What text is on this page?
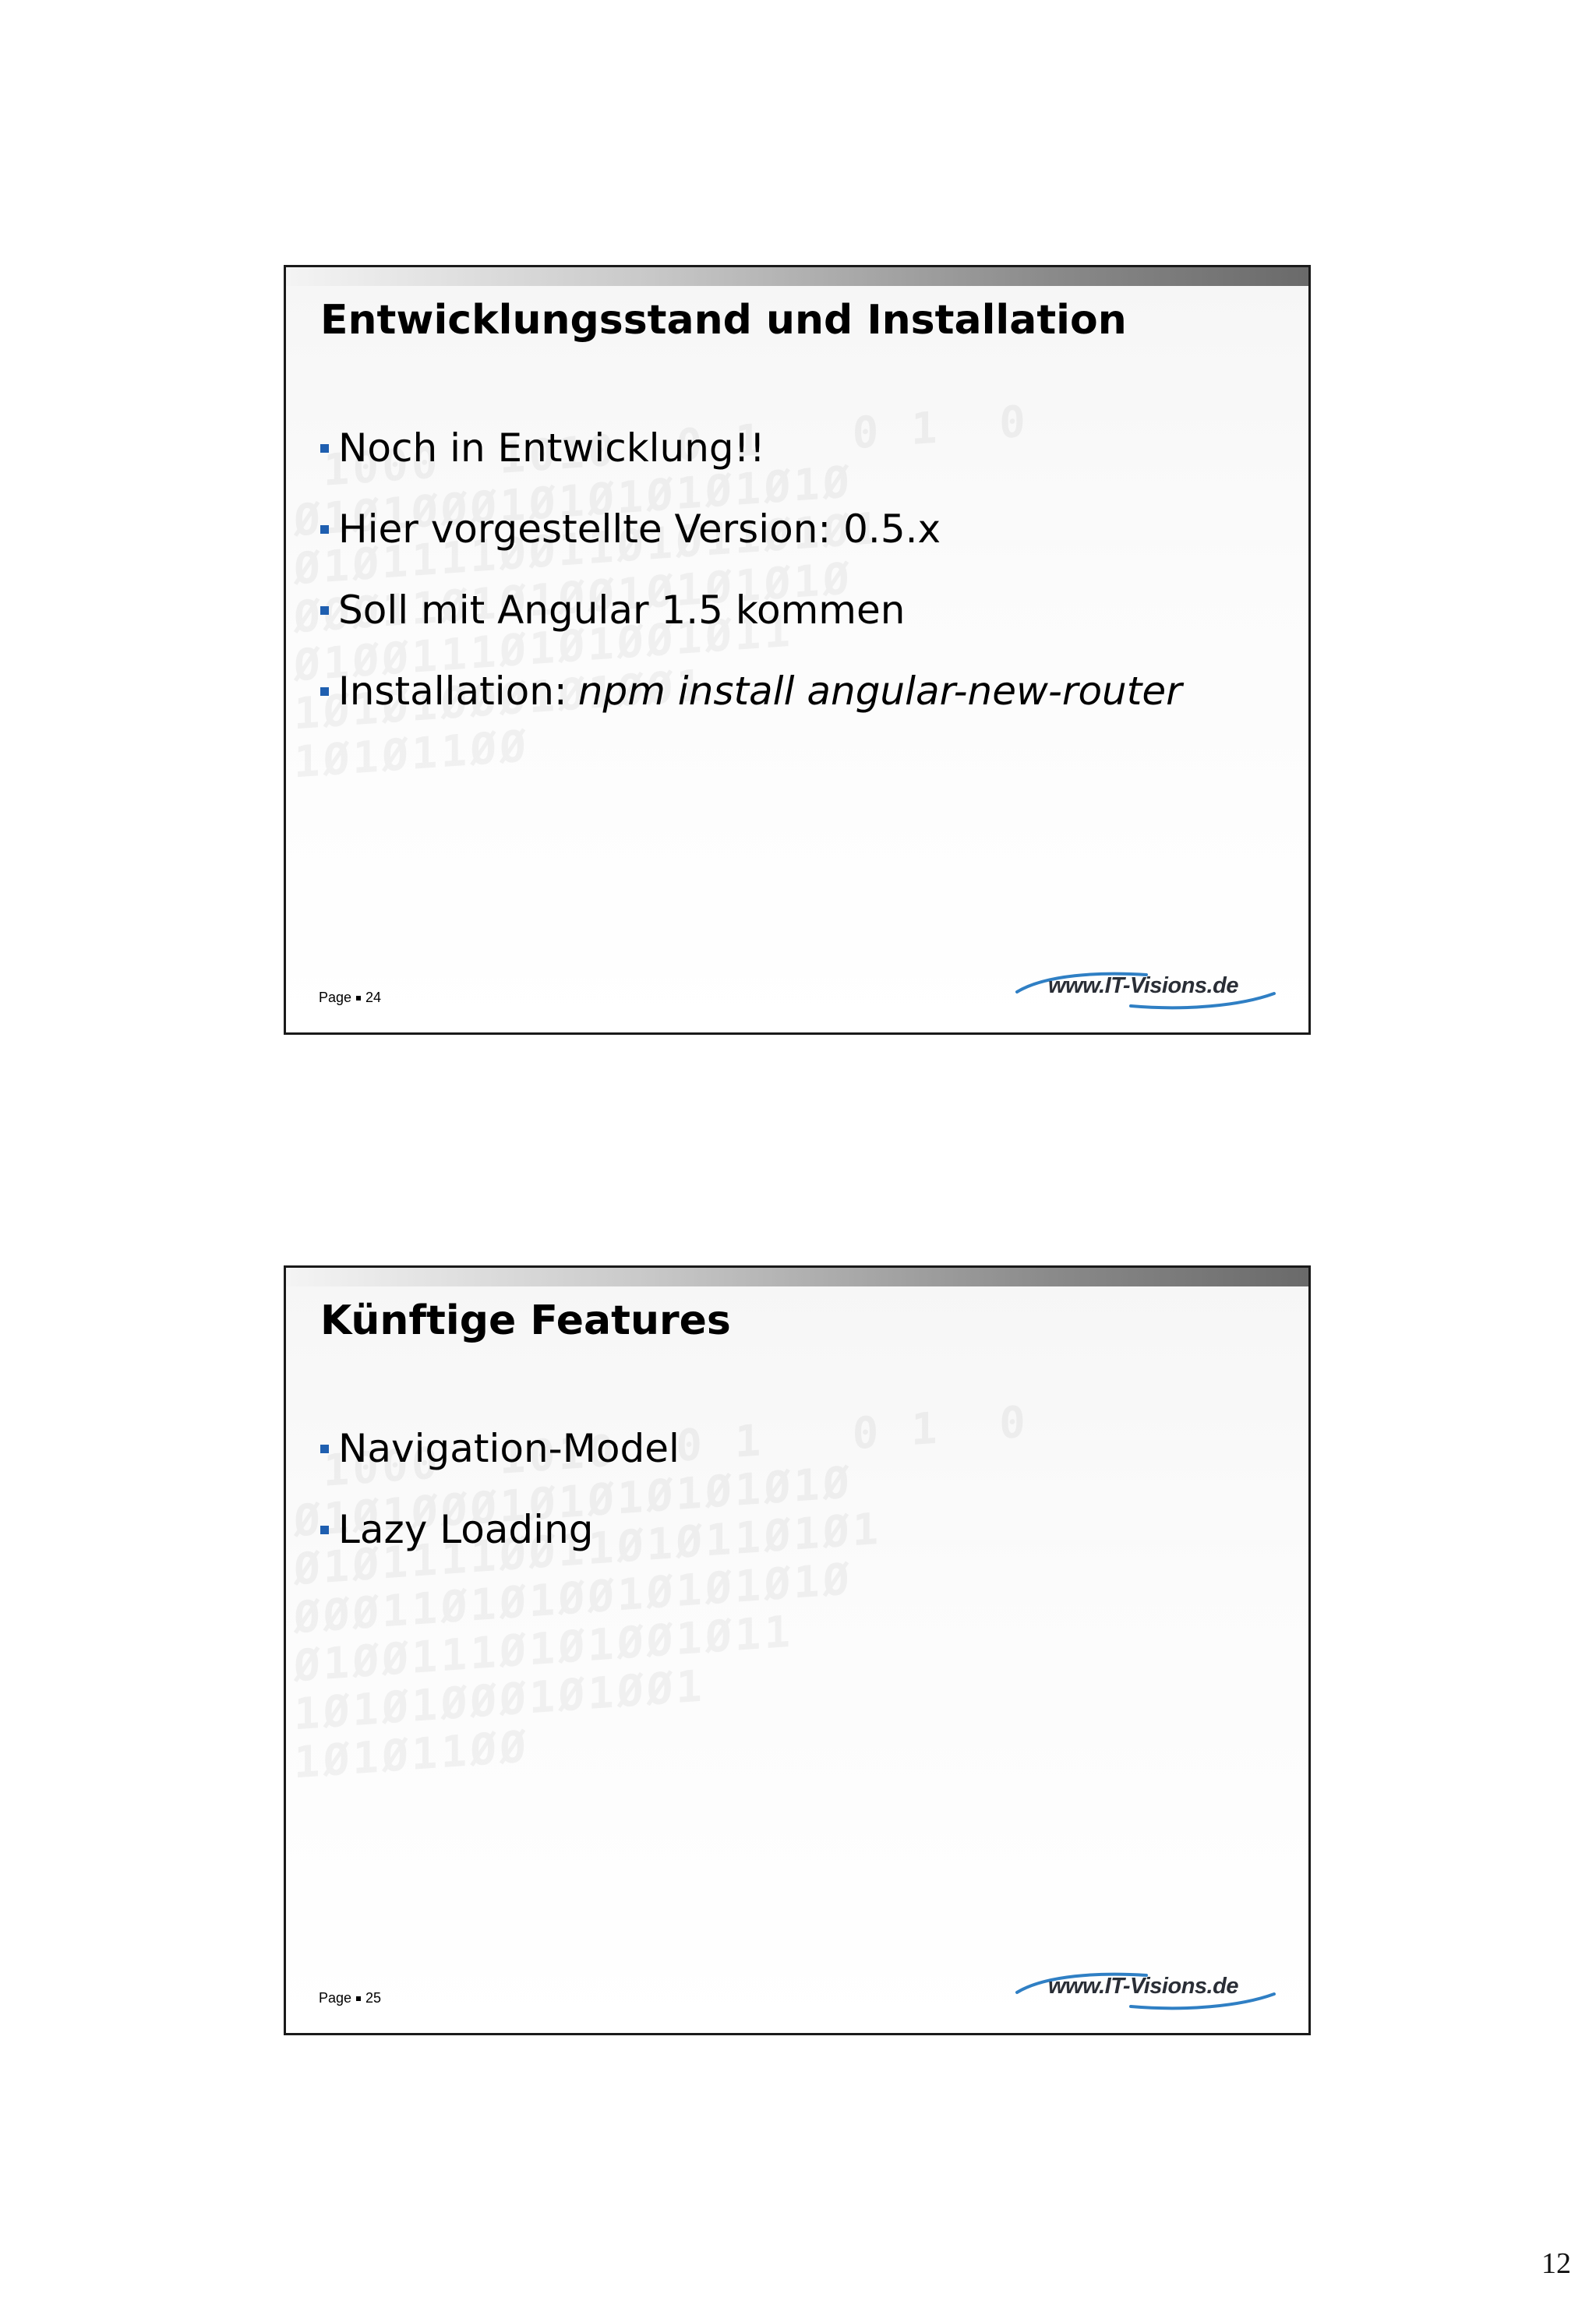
Entwicklungsstand und Installation
Noch in Entwicklung!!
Hier vorgestellte Version: 0.5.x
Soll mit Angular 1.5 kommen
Installation: npm install angular-new-router
Page 24	www.IT-Visions.de
Künftige Features
Navigation-Model
Lazy Loading
Page 25	www.IT-Visions.de
12
